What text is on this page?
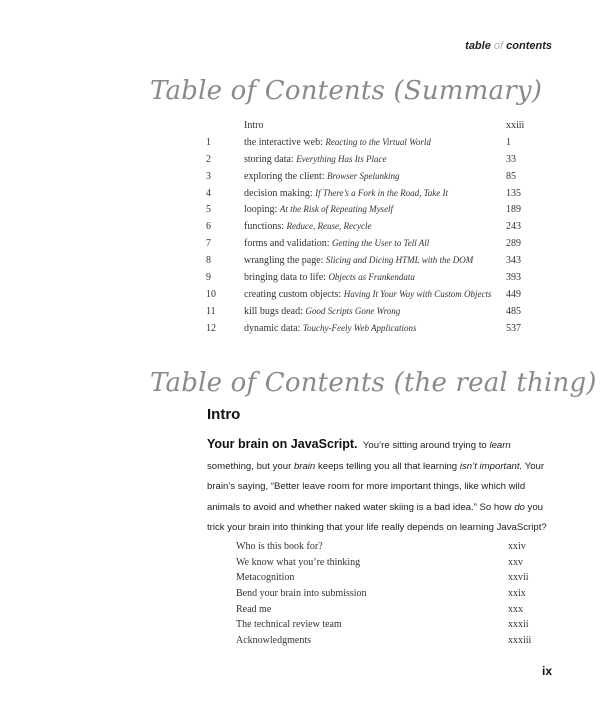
table of contents
Table of Contents (Summary)
	Intro	xxiii
1	the interactive web: Reacting to the Virtual World	1
2	storing data: Everything Has Its Place	33
3	exploring the client: Browser Spelunking	85
4	decision making: If There’s a Fork in the Road, Take It	135
5	looping: At the Risk of Repeating Myself	189
6	functions: Reduce, Reuse, Recycle	243
7	forms and validation: Getting the User to Tell All	289
8	wrangling the page: Slicing and Dicing HTML with the DOM	343
9	bringing data to life: Objects as Frankendata	393
10	creating custom objects: Having It Your Way with Custom Objects	449
11	kill bugs dead: Good Scripts Gone Wrong	485
12	dynamic data: Touchy-Feely Web Applications	537
Table of Contents (the real thing)
Intro
Your brain on JavaScript. You’re sitting around trying to learn something, but your brain keeps telling you all that learning isn’t important. Your brain’s saying, “Better leave room for more important things, like which wild animals to avoid and whether naked water skiing is a bad idea.” So how do you trick your brain into thinking that your life really depends on learning JavaScript?
Who is this book for?	xxiv
We know what you’re thinking	xxv
Metacognition	xxvii
Bend your brain into submission	xxix
Read me	xxx
The technical review team	xxxii
Acknowledgments	xxxiii
ix
